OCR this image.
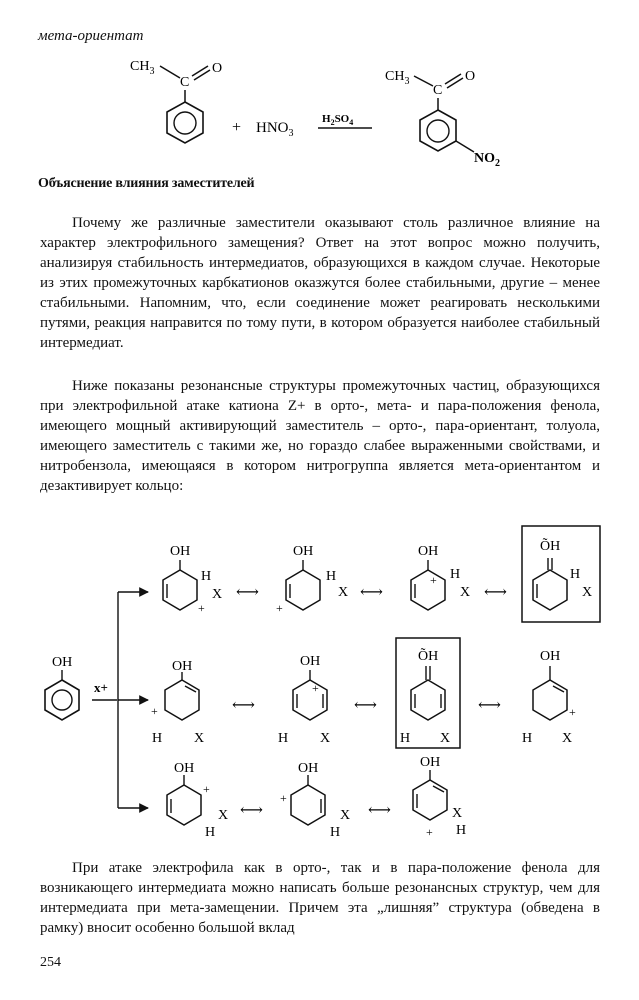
мета-ориентат
$CH_3$
C
O
+ $HNO_3$
$H_2SO_4$
$CH_3$
C
O
$NO_2$
Объяснение влияния заместителей

Почему же различные заместители оказывают столь различное влияние на характер электрофильного замещения? Ответ на этот вопрос можно получить, анализируя стабильность интермедиатов, образующихся в каждом случае. Некоторые из этих промежуточных карбкатионов оказжутся более стабильными, другие – менее стабильными. Напомним, что, если соединение может реагировать несколькими путями, реакция направится по тому пути, в котором образуется наиболее стабильный интермедиат.

Ниже показаны резонансные структуры промежуточных частиц, образующихся при электрофильной атаке катиона Z+ в орто-, мета- и пара-положения фенола, имеющего мощный активирующий заместитель – орто-, пара-ориентант, толуола, имеющего заместитель с такими же, но гораздо слабее выраженными свойствами, и нитробензола, имеющаяся в котором нитрогруппа является мета-ориентантом и дезактивирует кольцо:

OH
x+
OH
H
X
+
⟷
OH
+
H
X ⟷
OH
+ H
X ⟷
ÕH
H
X
OH
+
H X
⟷
OH
+
H X
⟷
ÕH
H X
⟷
OH
+
H X
OH
+
X
H
⟷
OH
+
X
H
⟷
OH
+
X
H

При атаке электрофила как в орто-, так и в пара-положение фенола для возникающего интермедиата можно написать больше резонансных структур, чем для интермедиата при мета-замещении. Причем эта „лишняя” структура (обведена в рамку) вносит особенно большой вклад

254
